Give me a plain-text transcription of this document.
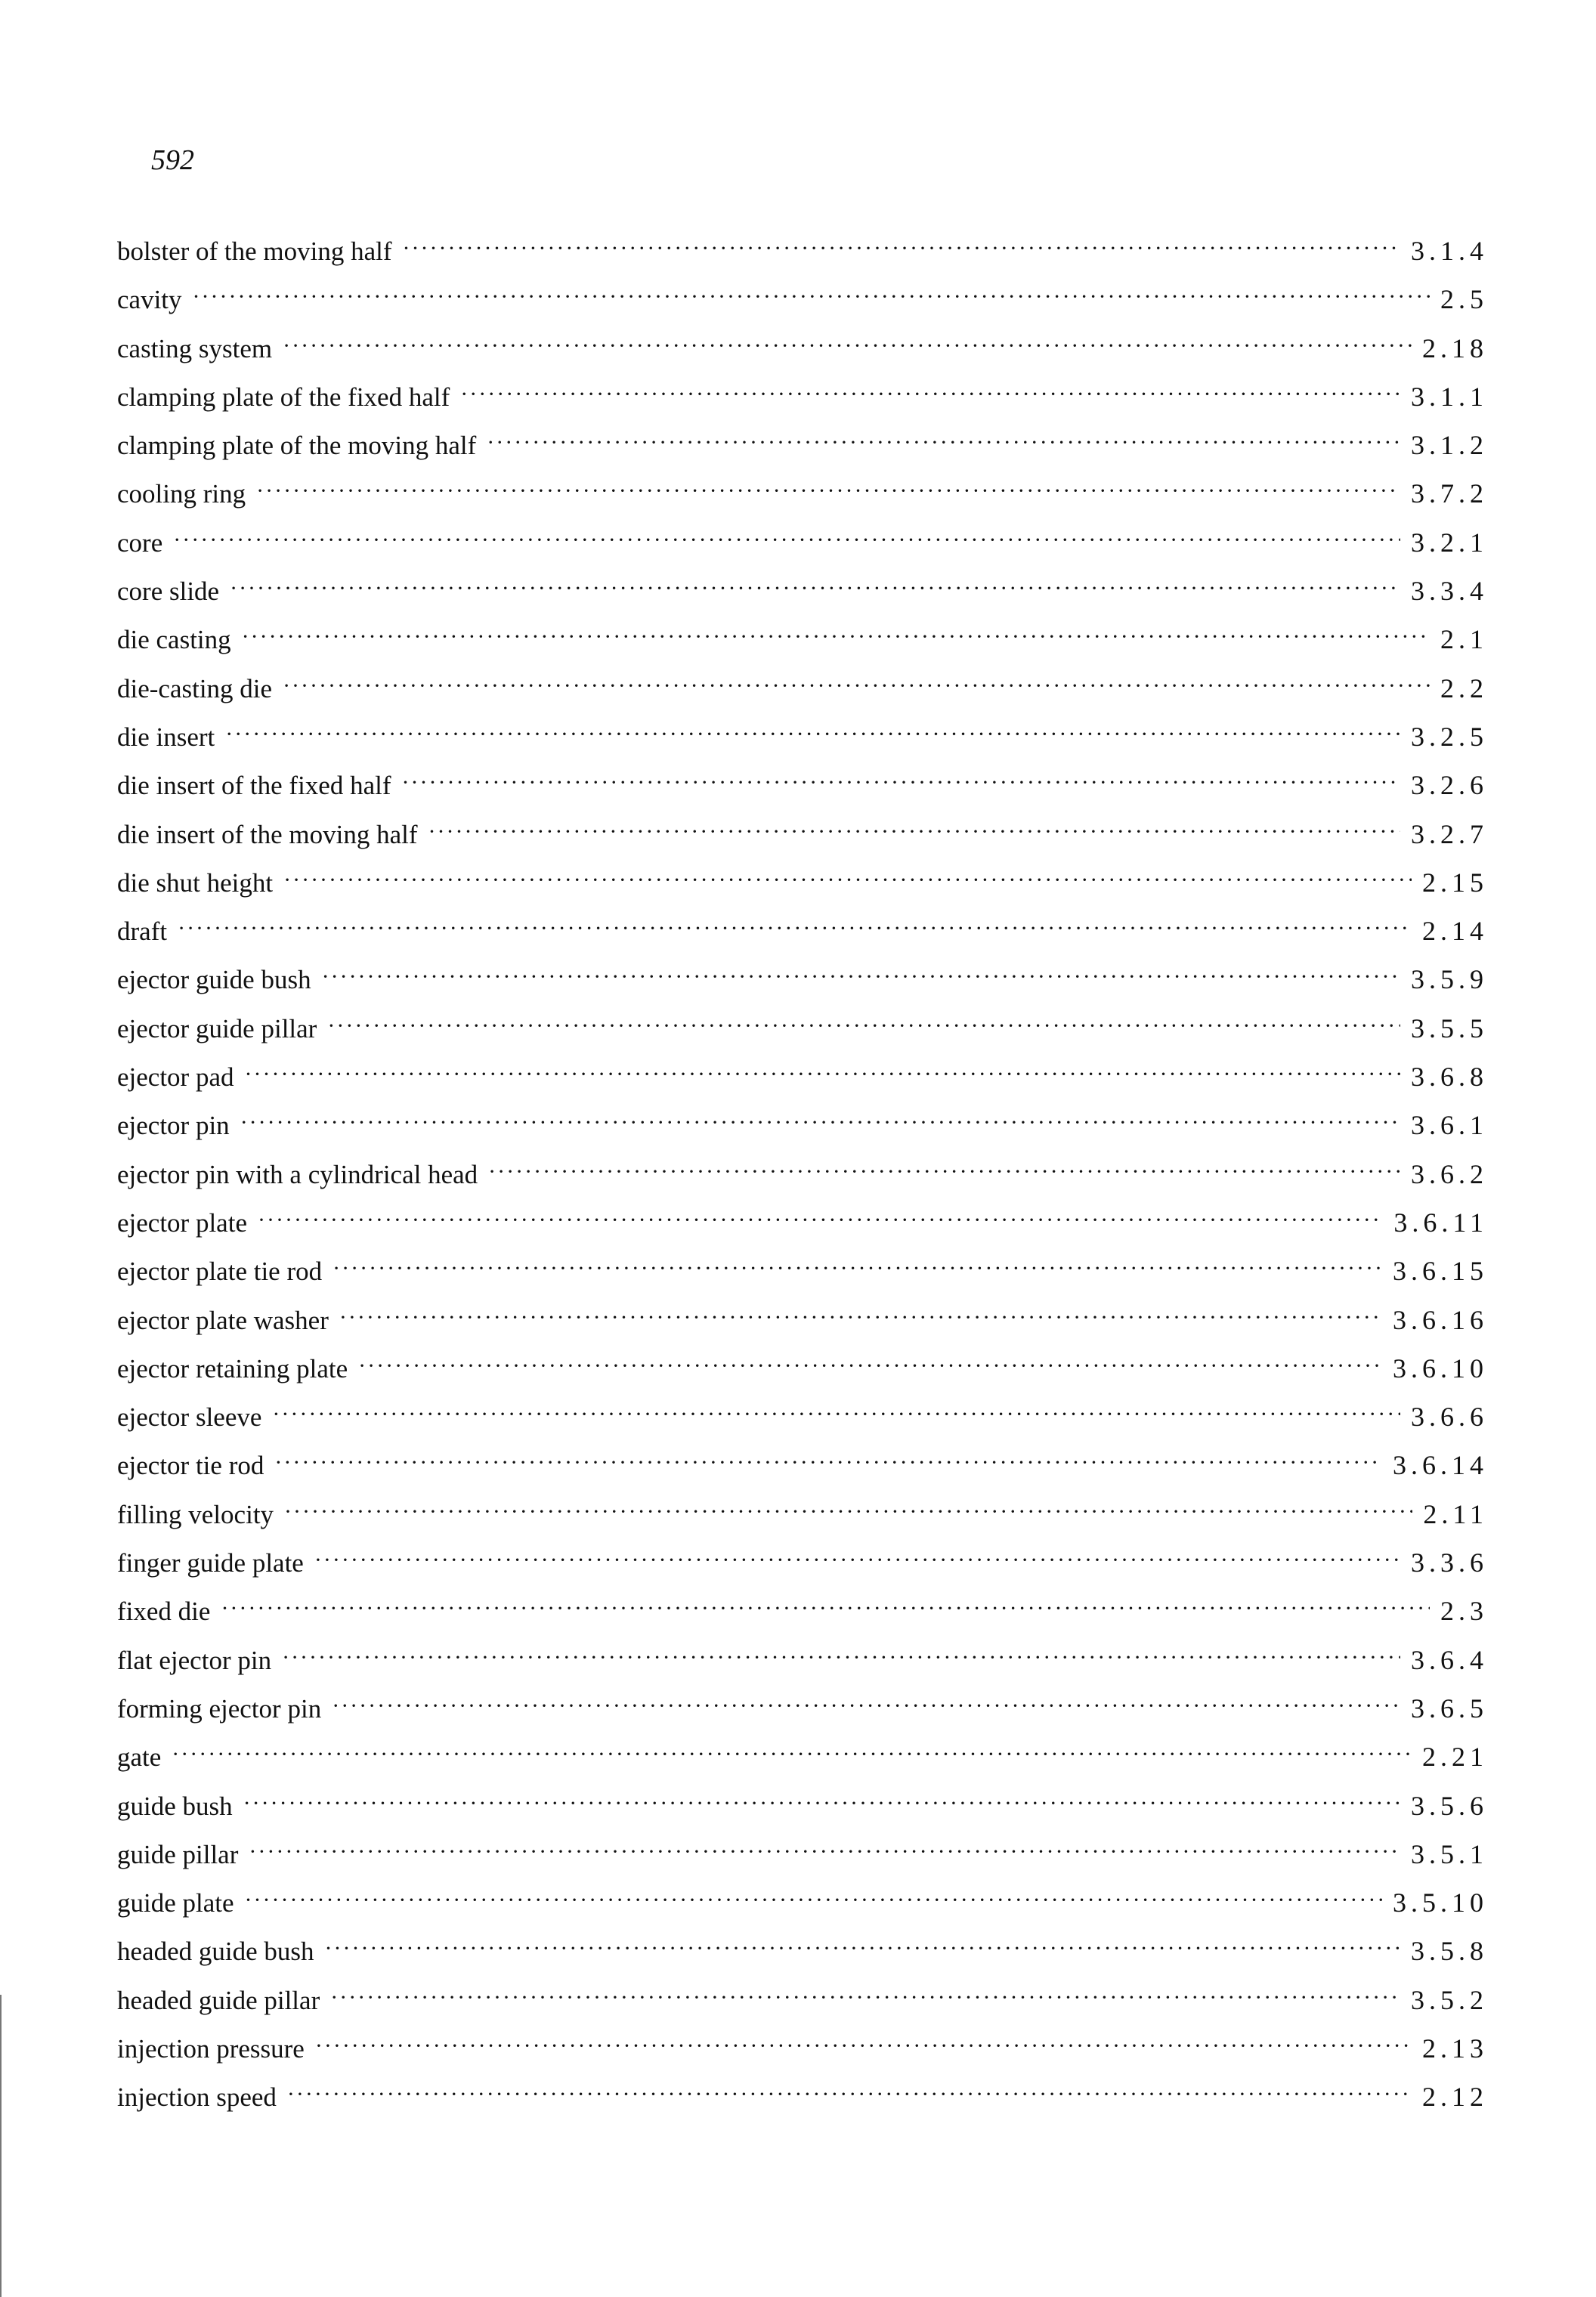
592
bolster of the moving half ·····	3.1.4
cavity ·····	2.5
casting system ·····	2.18
clamping plate of the fixed half ·····	3.1.1
clamping plate of the moving half ·····	3.1.2
cooling ring ·····	3.7.2
core ·····	3.2.1
core slide ·····	3.3.4
die casting ·····	2.1
die-casting die ·····	2.2
die insert ·····	3.2.5
die insert of the fixed half ·····	3.2.6
die insert of the moving half ·····	3.2.7
die shut height ·····	2.15
draft ·····	2.14
ejector guide bush ·····	3.5.9
ejector guide pillar ·····	3.5.5
ejector pad ·····	3.6.8
ejector pin ·····	3.6.1
ejector pin with a cylindrical head ·····	3.6.2
ejector plate ·····	3.6.11
ejector plate tie rod ·····	3.6.15
ejector plate washer ·····	3.6.16
ejector retaining plate ·····	3.6.10
ejector sleeve ·····	3.6.6
ejector tie rod ·····	3.6.14
filling velocity ·····	2.11
finger guide plate ·····	3.3.6
fixed die ·····	2.3
flat ejector pin ·····	3.6.4
forming ejector pin ·····	3.6.5
gate ·····	2.21
guide bush ·····	3.5.6
guide pillar ·····	3.5.1
guide plate ·····	3.5.10
headed guide bush ·····	3.5.8
headed guide pillar ·····	3.5.2
injection pressure ·····	2.13
injection speed ·····	2.12
